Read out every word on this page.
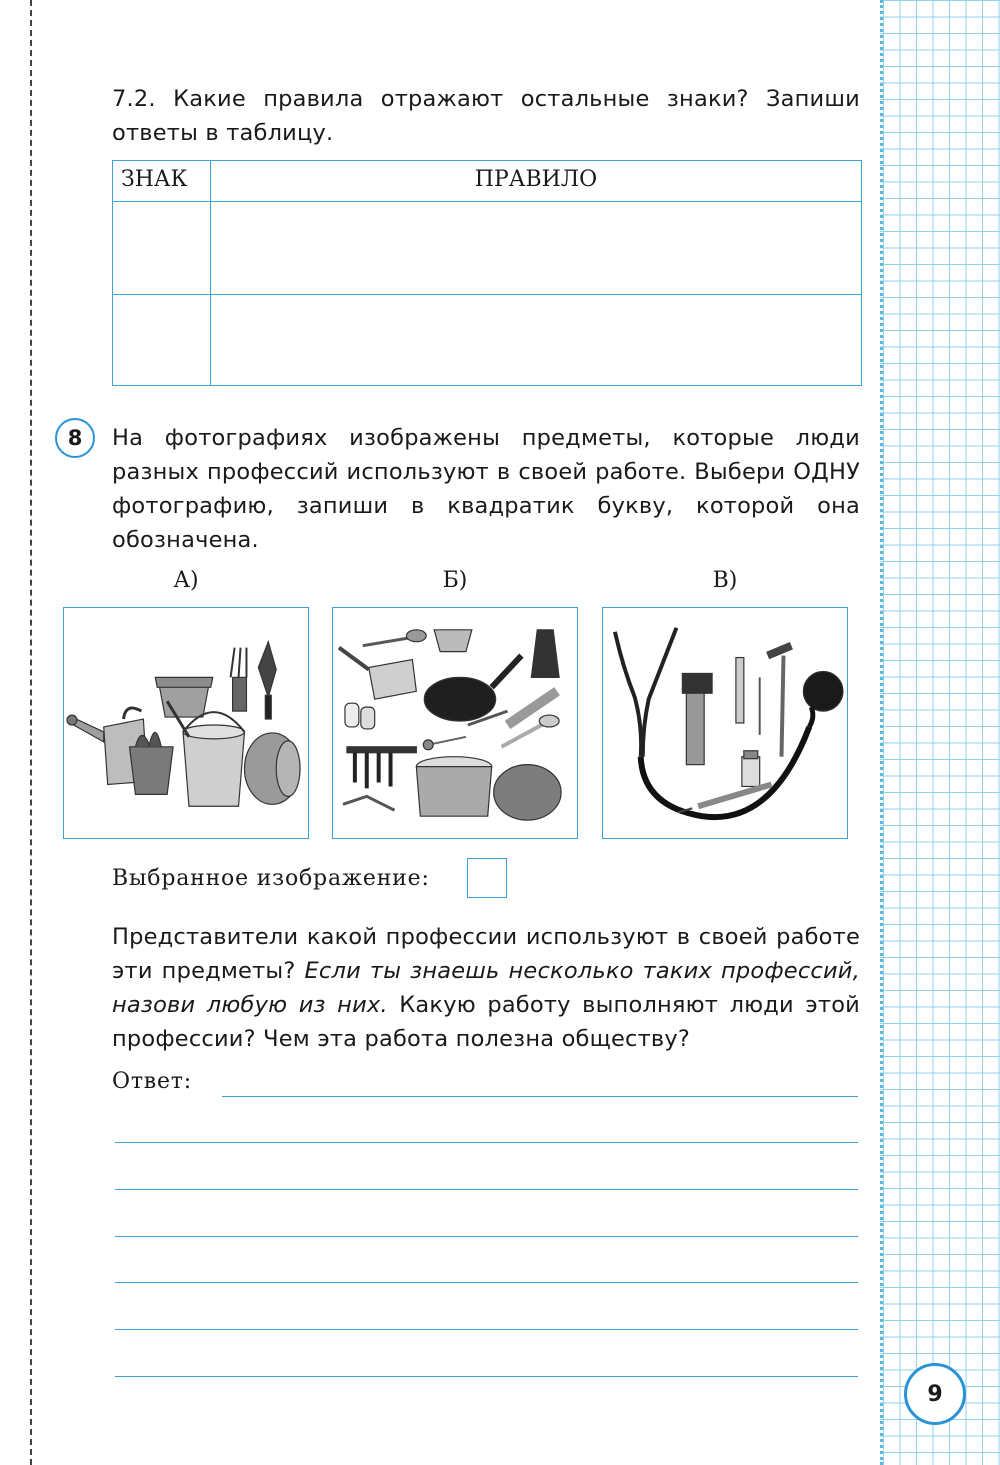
7.2. Какие правила отражают остальные знаки? Запиши ответы в таблицу.
ЗНАК	ПРАВИЛО
8	На фотографиях изображены предметы, которые люди разных профессий используют в своей работе. Выбери ОДНУ фотографию, запиши в квадратик букву, которой она обозначена.
А)	Б)	В)
Выбранное изображение:
Представители какой профессии используют в своей работе эти предметы? Если ты знаешь несколько таких профессий, назови любую из них. Какую работу выполняют люди этой профессии? Чем эта работа полезна обществу?
Ответ:
9
